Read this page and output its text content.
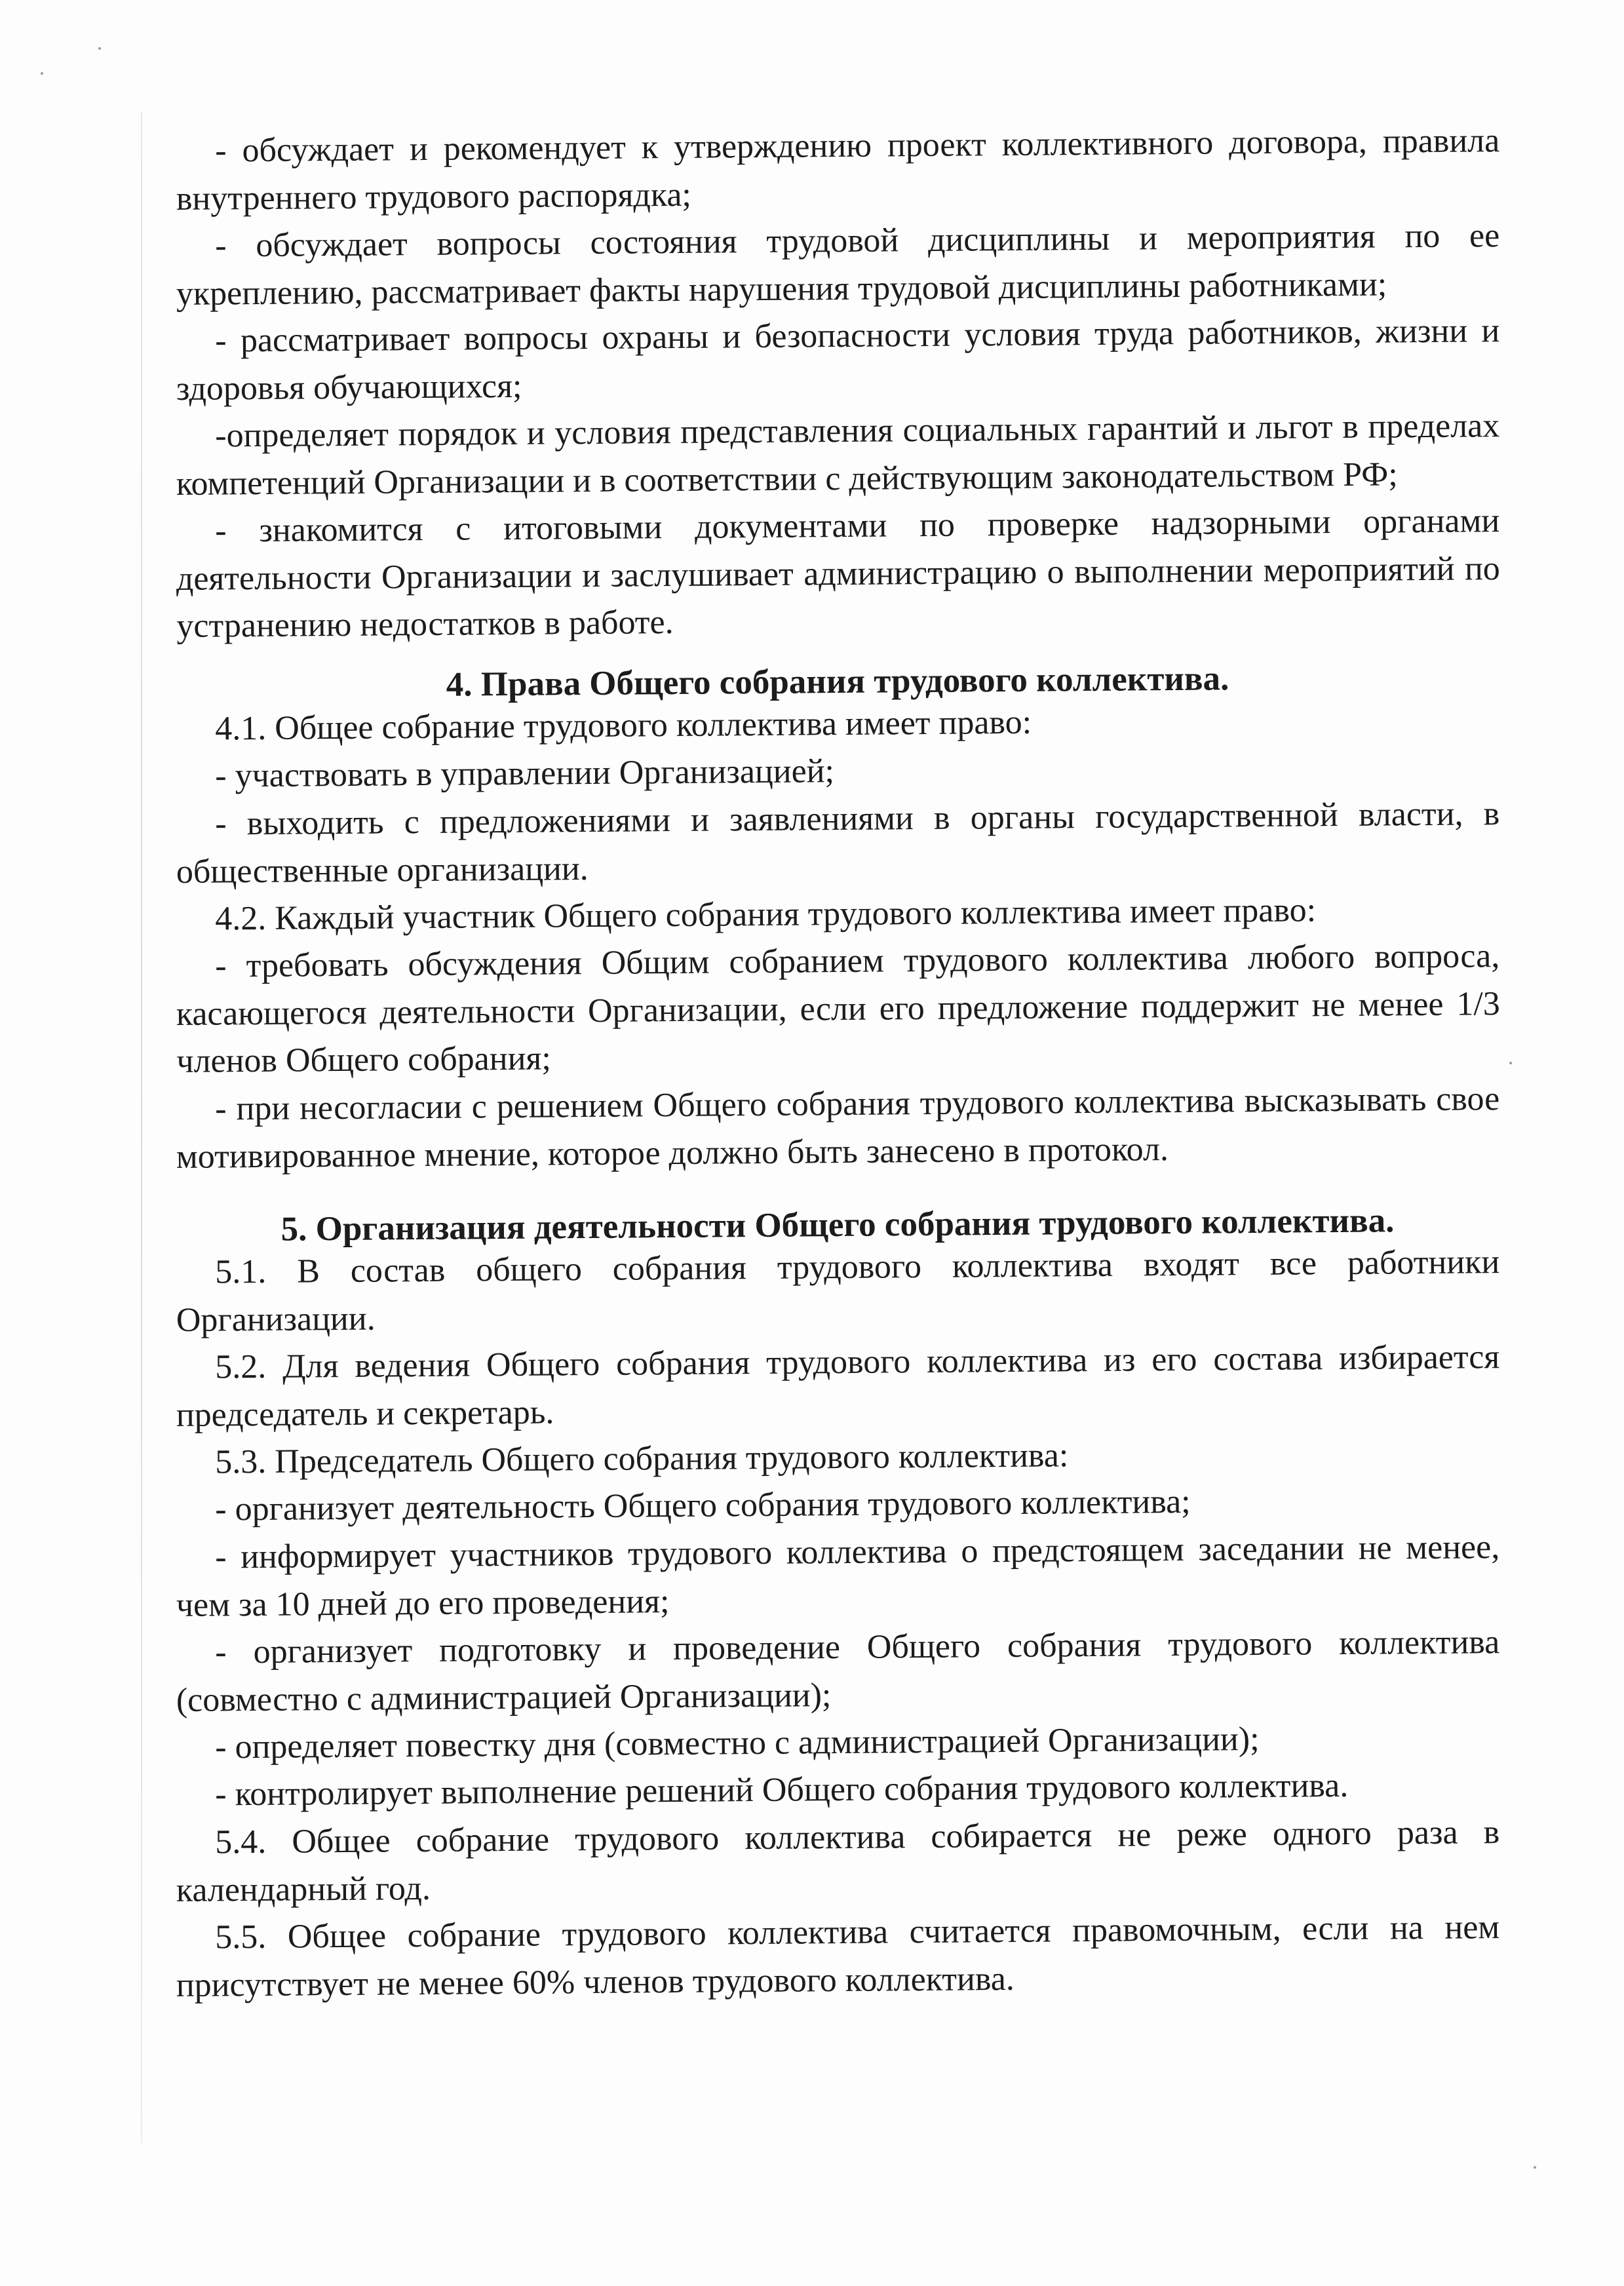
- обсуждает и рекомендует к утверждению проект коллективного договора, правила внутреннего трудового распорядка;

- обсуждает вопросы состояния трудовой дисциплины и мероприятия по ее укреплению, рассматривает факты нарушения трудовой дисциплины работниками;

- рассматривает вопросы охраны и безопасности условия труда работников, жизни и здоровья обучающихся;

-определяет порядок и условия представления социальных гарантий и льгот в пределах компетенций Организации и в соответствии с действующим законодательством РФ;

- знакомится с итоговыми документами по проверке надзорными органами деятельности Организации и заслушивает администрацию о выполнении мероприятий по устранению недостатков в работе.

4. Права Общего собрания трудового коллектива.

4.1. Общее собрание трудового коллектива имеет право:

- участвовать в управлении Организацией;

- выходить с предложениями и заявлениями в органы государственной власти, в общественные организации.

4.2. Каждый участник Общего собрания трудового коллектива имеет право:

- требовать обсуждения Общим собранием трудового коллектива любого вопроса, касающегося деятельности Организации, если его предложение поддержит не менее 1/3 членов Общего собрания;

- при несогласии с решением Общего собрания трудового коллектива высказывать свое мотивированное мнение, которое должно быть занесено в протокол.

5. Организация деятельности Общего собрания трудового коллектива.

5.1. В состав общего собрания трудового коллектива входят все работники Организации.

5.2. Для ведения Общего собрания трудового коллектива из его состава избирается председатель и секретарь.

5.3. Председатель Общего собрания трудового коллектива:

- организует деятельность Общего собрания трудового коллектива;

- информирует участников трудового коллектива о предстоящем заседании не менее, чем за 10 дней до его проведения;

- организует подготовку и проведение Общего собрания трудового коллектива (совместно с администрацией Организации);

- определяет повестку дня (совместно с администрацией Организации);

- контролирует выполнение решений Общего собрания трудового коллектива.

5.4. Общее собрание трудового коллектива собирается не реже одного раза в календарный год.

5.5. Общее собрание трудового коллектива считается правомочным, если на нем присутствует не менее 60% членов трудового коллектива.
